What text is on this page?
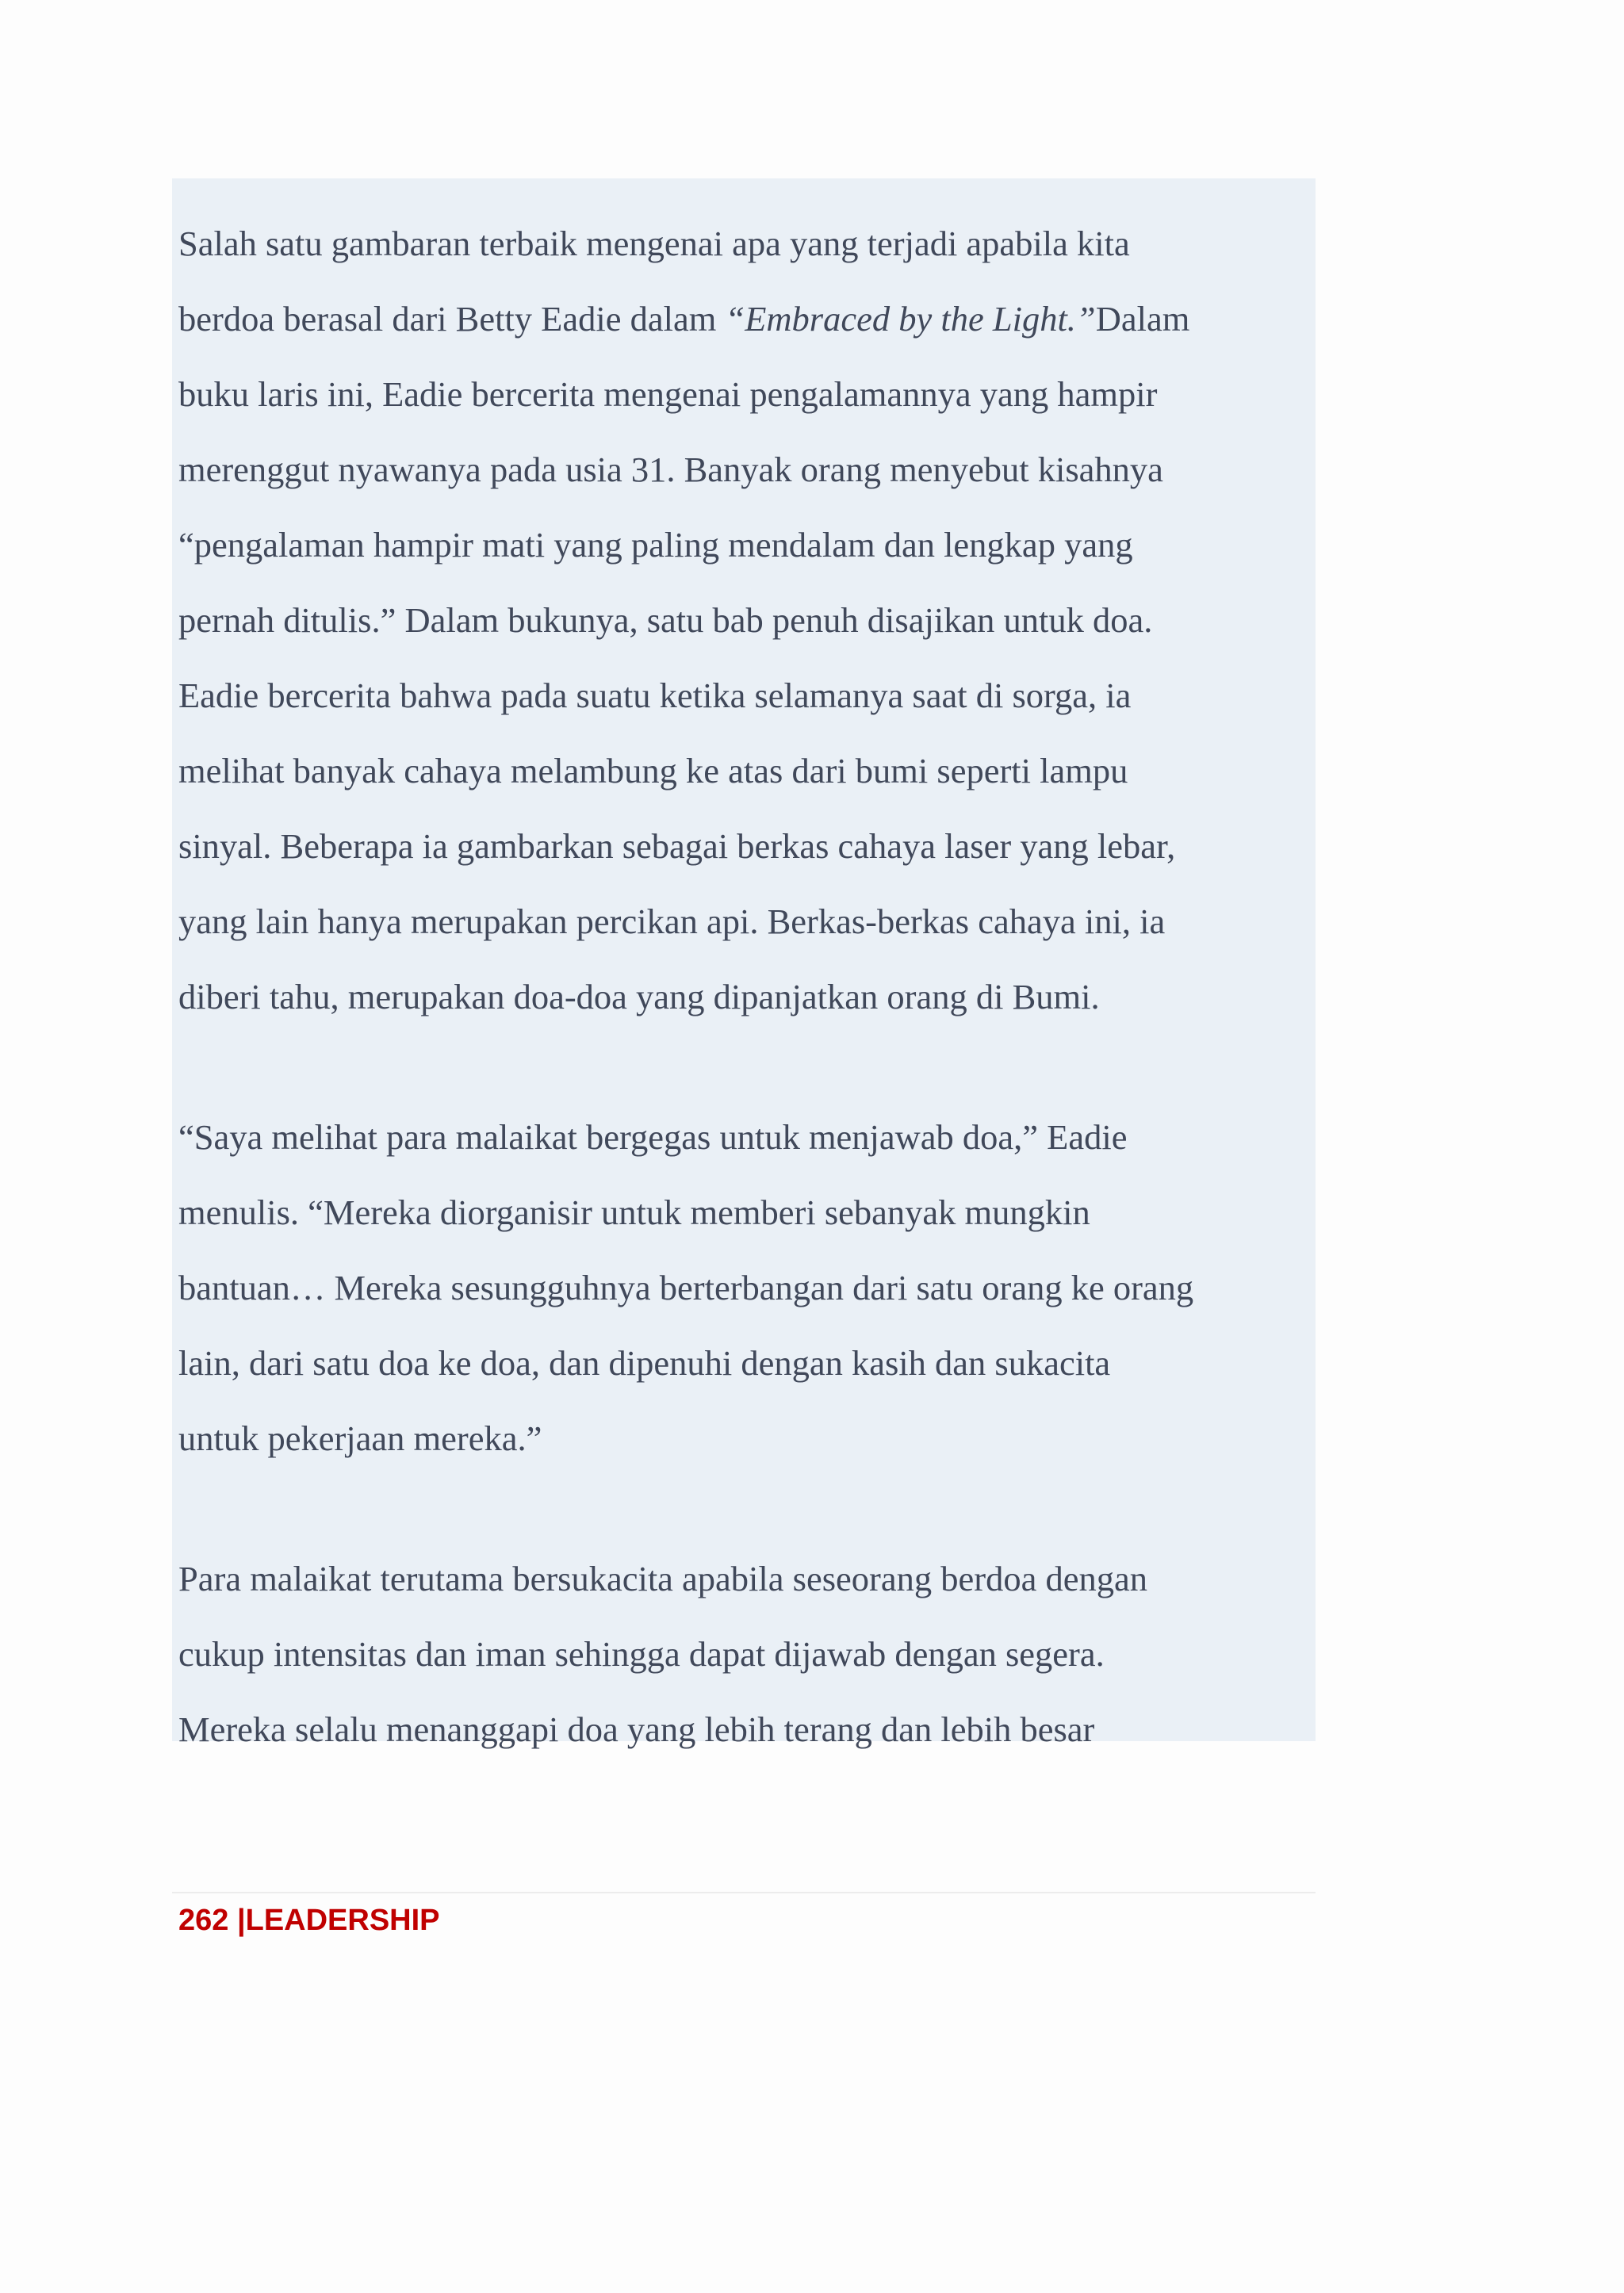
Salah satu gambaran terbaik mengenai apa yang terjadi apabila kita

berdoa berasal dari Betty Eadie dalam “Embraced by the Light.”Dalam

buku laris ini, Eadie bercerita mengenai pengalamannya yang hampir

merenggut nyawanya pada usia 31. Banyak orang menyebut kisahnya

“pengalaman hampir mati yang paling mendalam dan lengkap yang

pernah ditulis.” Dalam bukunya, satu bab penuh disajikan untuk doa.

Eadie bercerita bahwa pada suatu ketika selamanya saat di sorga, ia

melihat banyak cahaya melambung ke atas dari bumi seperti lampu

sinyal. Beberapa ia gambarkan sebagai berkas cahaya laser yang lebar,

yang lain hanya merupakan percikan api. Berkas-berkas cahaya ini, ia

diberi tahu, merupakan doa-doa yang dipanjatkan orang di Bumi.

“Saya melihat para malaikat bergegas untuk menjawab doa,” Eadie

menulis. “Mereka diorganisir untuk memberi sebanyak mungkin

bantuan… Mereka sesungguhnya berterbangan dari satu orang ke orang

lain, dari satu doa ke doa, dan dipenuhi dengan kasih dan sukacita

untuk pekerjaan mereka.”

Para malaikat terutama bersukacita apabila seseorang berdoa dengan

cukup intensitas dan iman sehingga dapat dijawab dengan segera.

Mereka selalu menanggapi doa yang lebih terang dan lebih besar

262 |LEADERSHIP
